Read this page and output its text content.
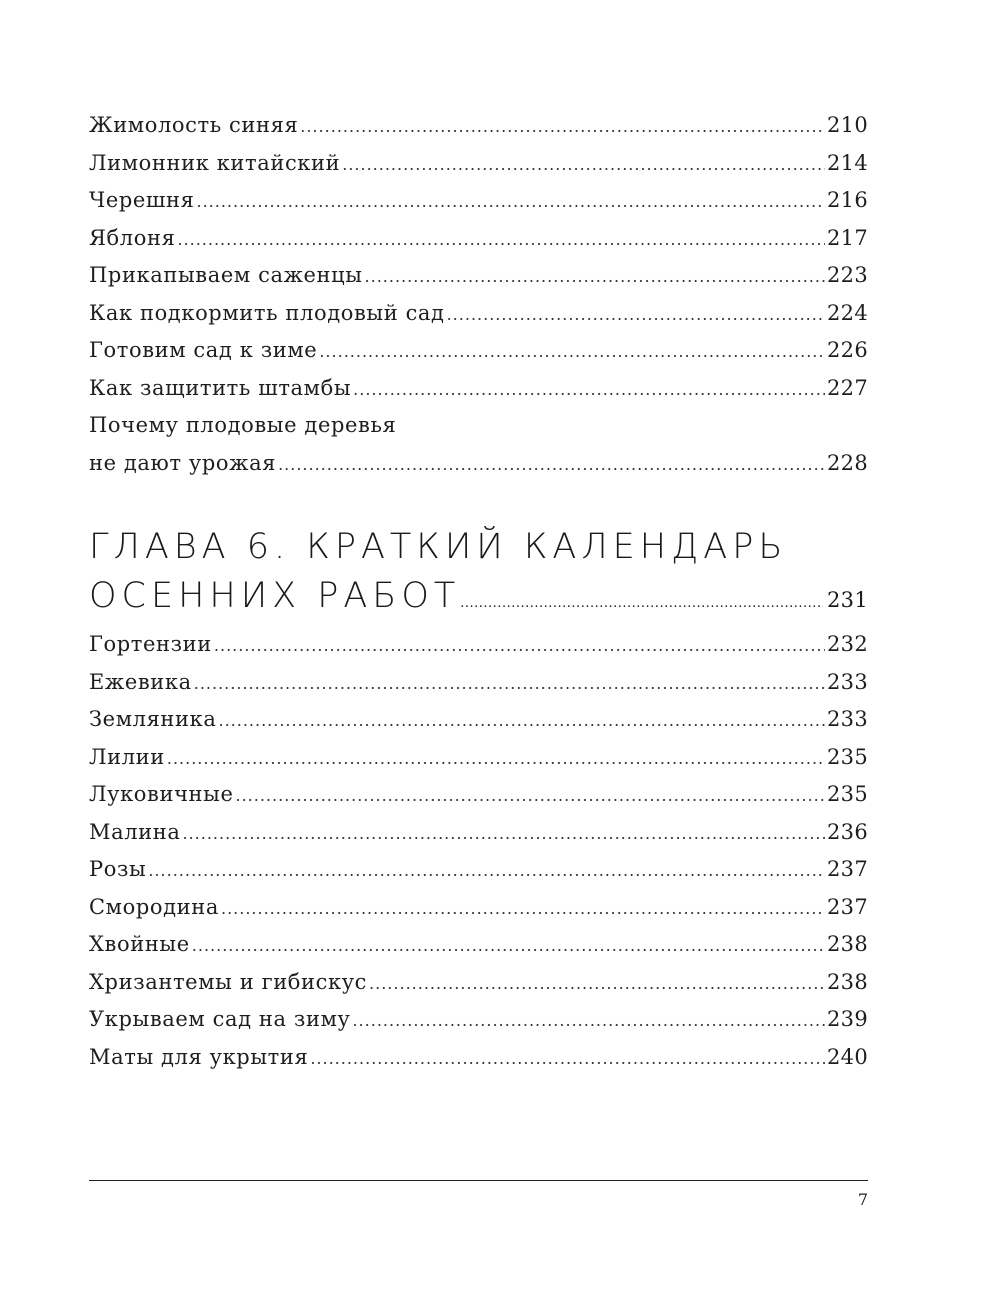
Жимолость синяя .....	210
Лимонник китайский .....	214
Черешня .....	216
Яблоня .....	217
Прикапываем саженцы .....	223
Как подкормить плодовый сад .....	224
Готовим сад к зиме .....	226
Как защитить штамбы .....	227
Почему плодовые деревья
не дают урожая .....	228
ГЛАВА 6. КРАТКИЙ КАЛЕНДАРЬ
ОСЕННИХ РАБОТ .....	231
Гортензии .....	232
Ежевика .....	233
Земляника .....	233
Лилии .....	235
Луковичные .....	235
Малина .....	236
Розы .....	237
Смородина .....	237
Хвойные .....	238
Хризантемы и гибискус .....	238
Укрываем сад на зиму .....	239
Маты для укрытия .....	240
7
